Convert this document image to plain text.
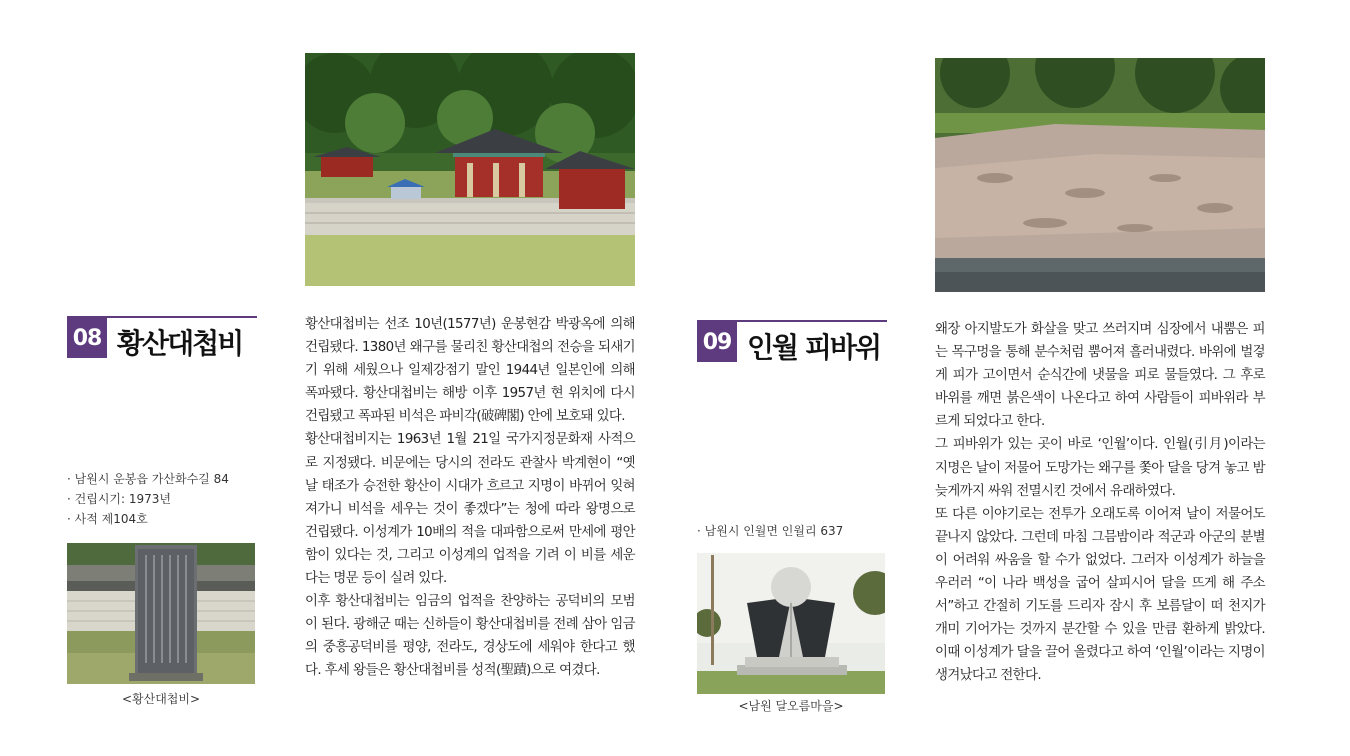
08 황산대첩비
· 남원시 운봉읍 가산화수길 84
· 건립시기: 1973년
· 사적 제104호
<황산대첩비>

황산대첩비는 선조 10년(1577년) 운봉현감 박광옥에 의해 건립됐다. 1380년 왜구를 물리친 황산대첩의 전승을 되새기기 위해 세웠으나 일제강점기 말인 1944년 일본인에 의해 폭파됐다. 황산대첩비는 해방 이후 1957년 현 위치에 다시 건립됐고 폭파된 비석은 파비각(破碑閣) 안에 보호돼 있다.

황산대첩비지는 1963년 1월 21일 국가지정문화재 사적으로 지정됐다. 비문에는 당시의 전라도 관찰사 박계현이 “옛날 태조가 승전한 황산이 시대가 흐르고 지명이 바뀌어 잊혀져가니 비석을 세우는 것이 좋겠다”는 청에 따라 왕명으로 건립됐다. 이성계가 10배의 적을 대파함으로써 만세에 평안함이 있다는 것, 그리고 이성계의 업적을 기려 이 비를 세운다는 명문 등이 실려 있다.

이후 황산대첩비는 임금의 업적을 찬양하는 공덕비의 모범이 된다. 광해군 때는 신하들이 황산대첩비를 전례 삼아 임금의 중흥공덕비를 평양, 전라도, 경상도에 세워야 한다고 했다. 후세 왕들은 황산대첩비를 성적(聖蹟)으로 여겼다.

09 인월 피바위
· 남원시 인월면 인월리 637
<남원 달오름마을>

왜장 아지발도가 화살을 맞고 쓰러지며 심장에서 내뿜은 피는 목구멍을 통해 분수처럼 뿜어져 흘러내렸다. 바위에 벌겋게 피가 고이면서 순식간에 냇물을 피로 물들였다. 그 후로 바위를 깨면 붉은색이 나온다고 하여 사람들이 피바위라 부르게 되었다고 한다.

그 피바위가 있는 곳이 바로 ‘인월’이다. 인월(引月)이라는 지명은 날이 저물어 도망가는 왜구를 쫓아 달을 당겨 놓고 밤늦게까지 싸워 전멸시킨 것에서 유래하였다.

또 다른 이야기로는 전투가 오래도록 이어져 날이 저물어도 끝나지 않았다. 그런데 마침 그믐밤이라 적군과 아군의 분별이 어려워 싸움을 할 수가 없었다. 그러자 이성계가 하늘을 우러러 “이 나라 백성을 굽어 살피시어 달을 뜨게 해 주소서”하고 간절히 기도를 드리자 잠시 후 보름달이 떠 천지가 개미 기어가는 것까지 분간할 수 있을 만큼 환하게 밝았다. 이때 이성계가 달을 끌어 올렸다고 하여 ‘인월’이라는 지명이 생겨났다고 전한다.
